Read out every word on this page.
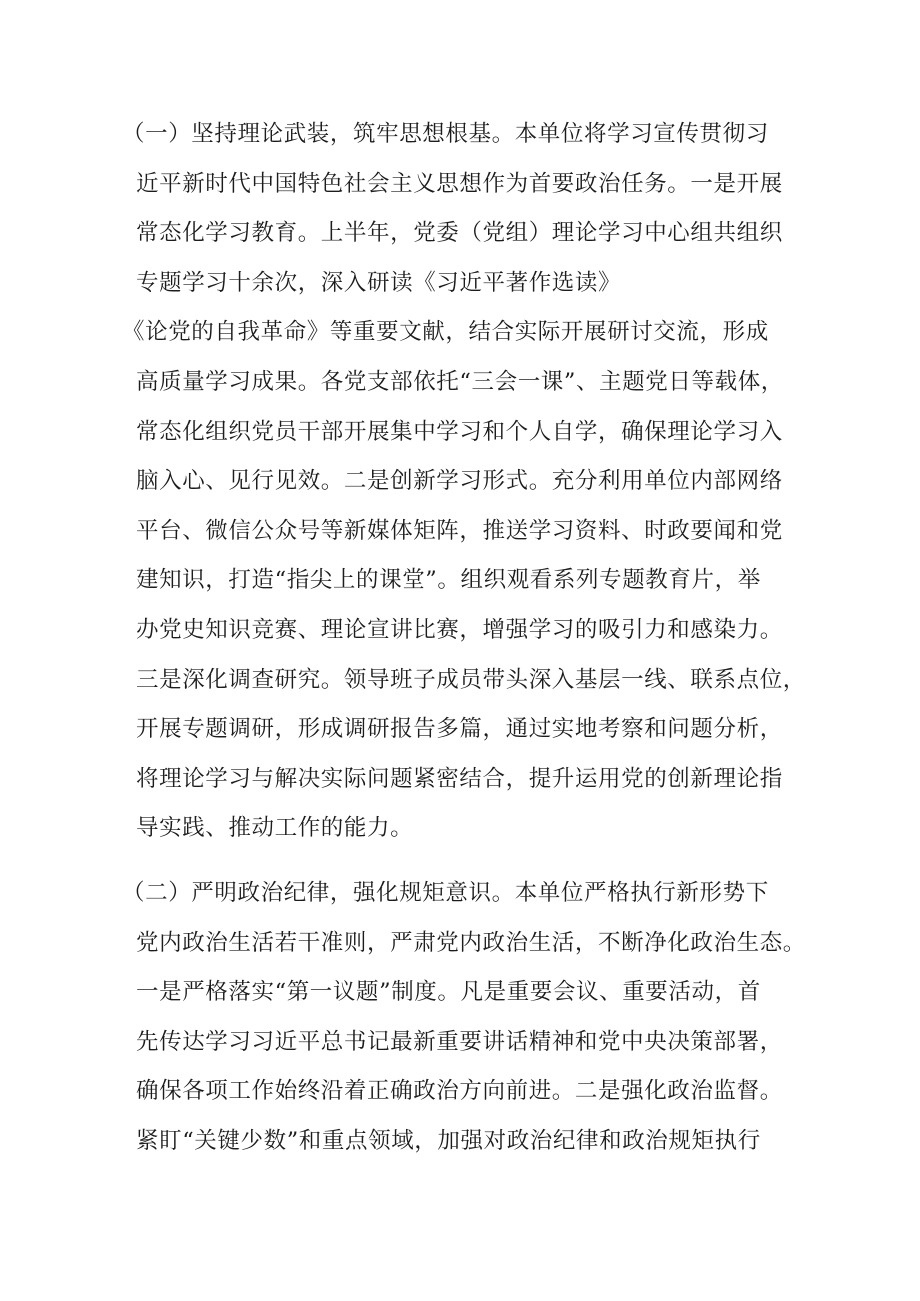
（一）坚持理论武装，筑牢思想根基。本单位将学习宣传贯彻习
近平新时代中国特色社会主义思想作为首要政治任务。一是开展
常态化学习教育。上半年，党委（党组）理论学习中心组共组织
专题学习十余次，深入研读《习近平著作选读》
《论党的自我革命》等重要文献，结合实际开展研讨交流，形成
高质量学习成果。各党支部依托“三会一课”、主题党日等载体，
常态化组织党员干部开展集中学习和个人自学，确保理论学习入
脑入心、见行见效。二是创新学习形式。充分利用单位内部网络
平台、微信公众号等新媒体矩阵，推送学习资料、时政要闻和党
建知识，打造“指尖上的课堂”。组织观看系列专题教育片，举
办党史知识竞赛、理论宣讲比赛，增强学习的吸引力和感染力。
三是深化调查研究。领导班子成员带头深入基层一线、联系点位，
开展专题调研，形成调研报告多篇，通过实地考察和问题分析，
将理论学习与解决实际问题紧密结合，提升运用党的创新理论指
导实践、推动工作的能力。
（二）严明政治纪律，强化规矩意识。本单位严格执行新形势下
党内政治生活若干准则，严肃党内政治生活，不断净化政治生态。
一是严格落实“第一议题”制度。凡是重要会议、重要活动，首
先传达学习习近平总书记最新重要讲话精神和党中央决策部署，
确保各项工作始终沿着正确政治方向前进。二是强化政治监督。
紧盯“关键少数”和重点领域，加强对政治纪律和政治规矩执行
